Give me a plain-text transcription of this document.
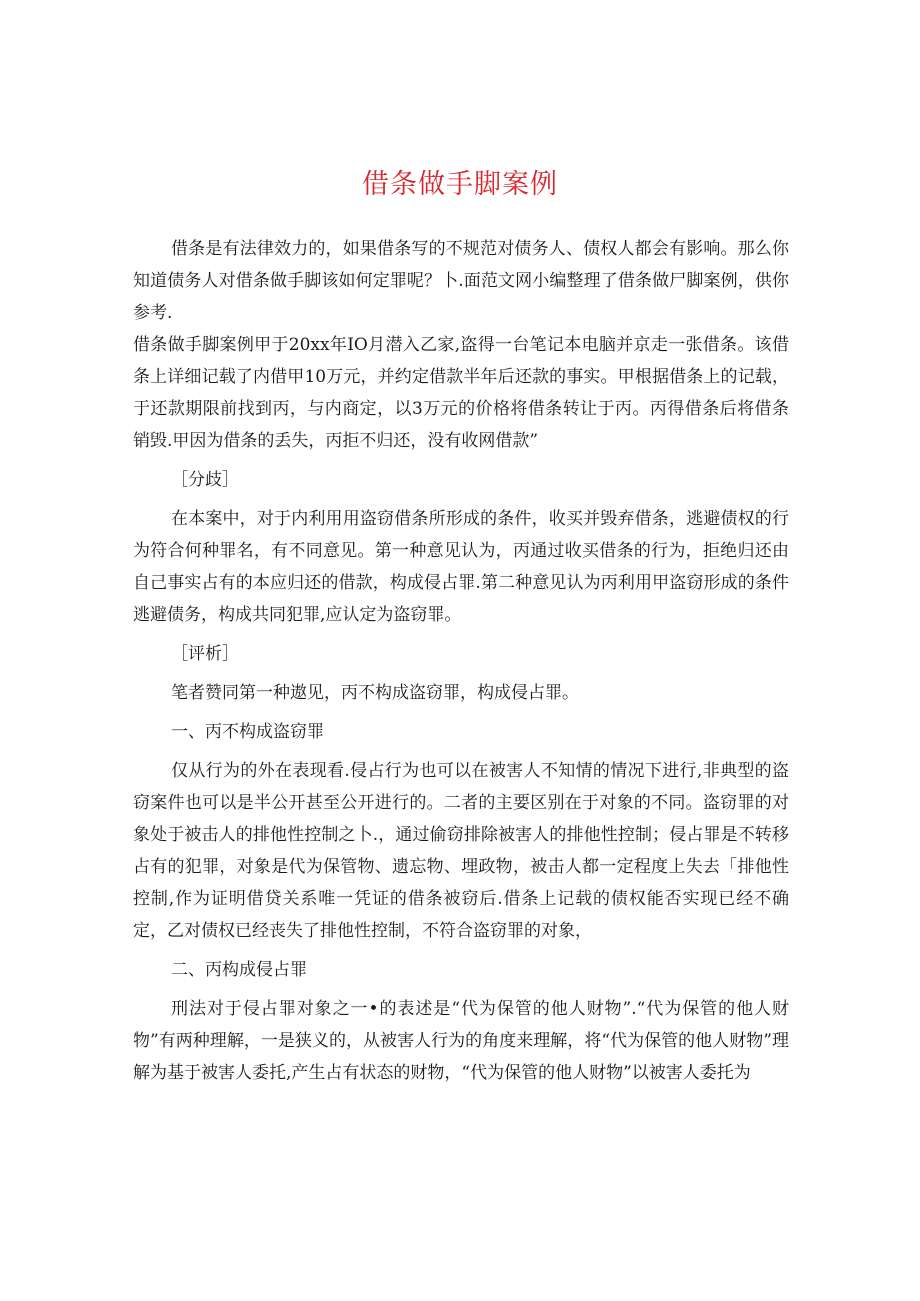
借条做手脚案例

借条是有法律效力的，如果借条写的不规范对债务人、债权人都会有影响。那么你知道债务人对借条做手脚该如何定罪呢？卜.面范文网小编整理了借条做尸脚案例，供你参考.

借条做手脚案例甲于20xx年IO月潜入乙家,盗得一台笔记本电脑并京走一张借条。该借条上详细记载了内借甲10万元，并约定借款半年后还款的事实。甲根据借条上的记载，于还款期限前找到丙，与内商定，以3万元的价格将借条转让于丙。丙得借条后将借条销毁.甲因为借条的丢失，丙拒不归还，没有收网借款”

［分歧］

在本案中，对于内利用用盗窃借条所形成的条件，收买并毁弃借条，逃避债权的行为符合何种罪名，有不同意见。第一种意见认为，丙通过收买借条的行为，拒绝归还由自己事实占有的本应归还的借款，构成侵占罪.第二种意见认为丙利用甲盗窃形成的条件逃避债务，构成共同犯罪,应认定为盗窃罪。

［评析］

笔者赞同第一种遨见，丙不构成盗窃罪，构成侵占罪。

一、丙不构成盗窃罪

仅从行为的外在表现看.侵占行为也可以在被害人不知情的情况下进行,非典型的盗窃案件也可以是半公开甚至公开进行的。二者的主要区别在于对象的不同。盗窃罪的对象处于被击人的排他性控制之卜.，通过偷窃排除被害人的排他性控制；侵占罪是不转移占有的犯罪，对象是代为保管物、遗忘物、埋政物，被击人都一定程度上失去「排他性控制,作为证明借贷关系唯一凭证的借条被窃后.借条上记载的债权能否实现已经不确定，乙对债权已经丧失了排他性控制，不符合盗窃罪的对象，

二、丙构成侵占罪

刑法对于侵占罪对象之一•的表述是“代为保管的他人财物”.“代为保管的他人财物”有两种理解，一是狭义的，从被害人行为的角度来理解，将“代为保管的他人财物”理解为基于被害人委托,产生占有状态的财物，“代为保管的他人财物”以被害人委托为
